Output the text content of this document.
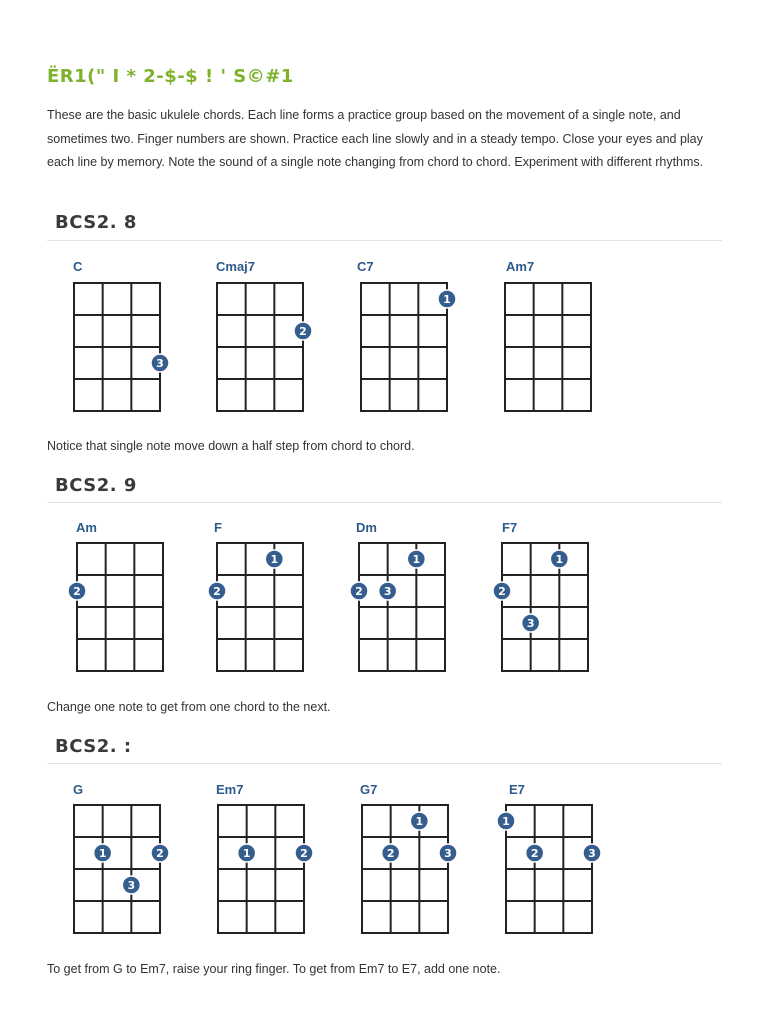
ËR1(" I * 2-$-$ ! ' S©#1

These are the basic ukulele chords. Each line forms a practice group based on the movement of a single note, and sometimes two. Finger numbers are shown. Practice each line slowly and in a steady tempo. Close your eyes and play each line by memory. Note the sound of a single note changing from chord to chord. Experiment with different rhythms.

BCS2. 8
C	Cmaj7	C7	Am7
3
2
1

Notice that single note move down a half step from chord to chord.

BCS2. 9
Am	F	Dm	F7
2	2
1
2 3
1
2
3
1

Change one note to get from one chord to the next.

BCS2. :
G	Em7	G7	E7
1
3
2	1	2	2
1
3
1
2	3

To get from G to Em7, raise your ring finger. To get from Em7 to E7, add one note.
